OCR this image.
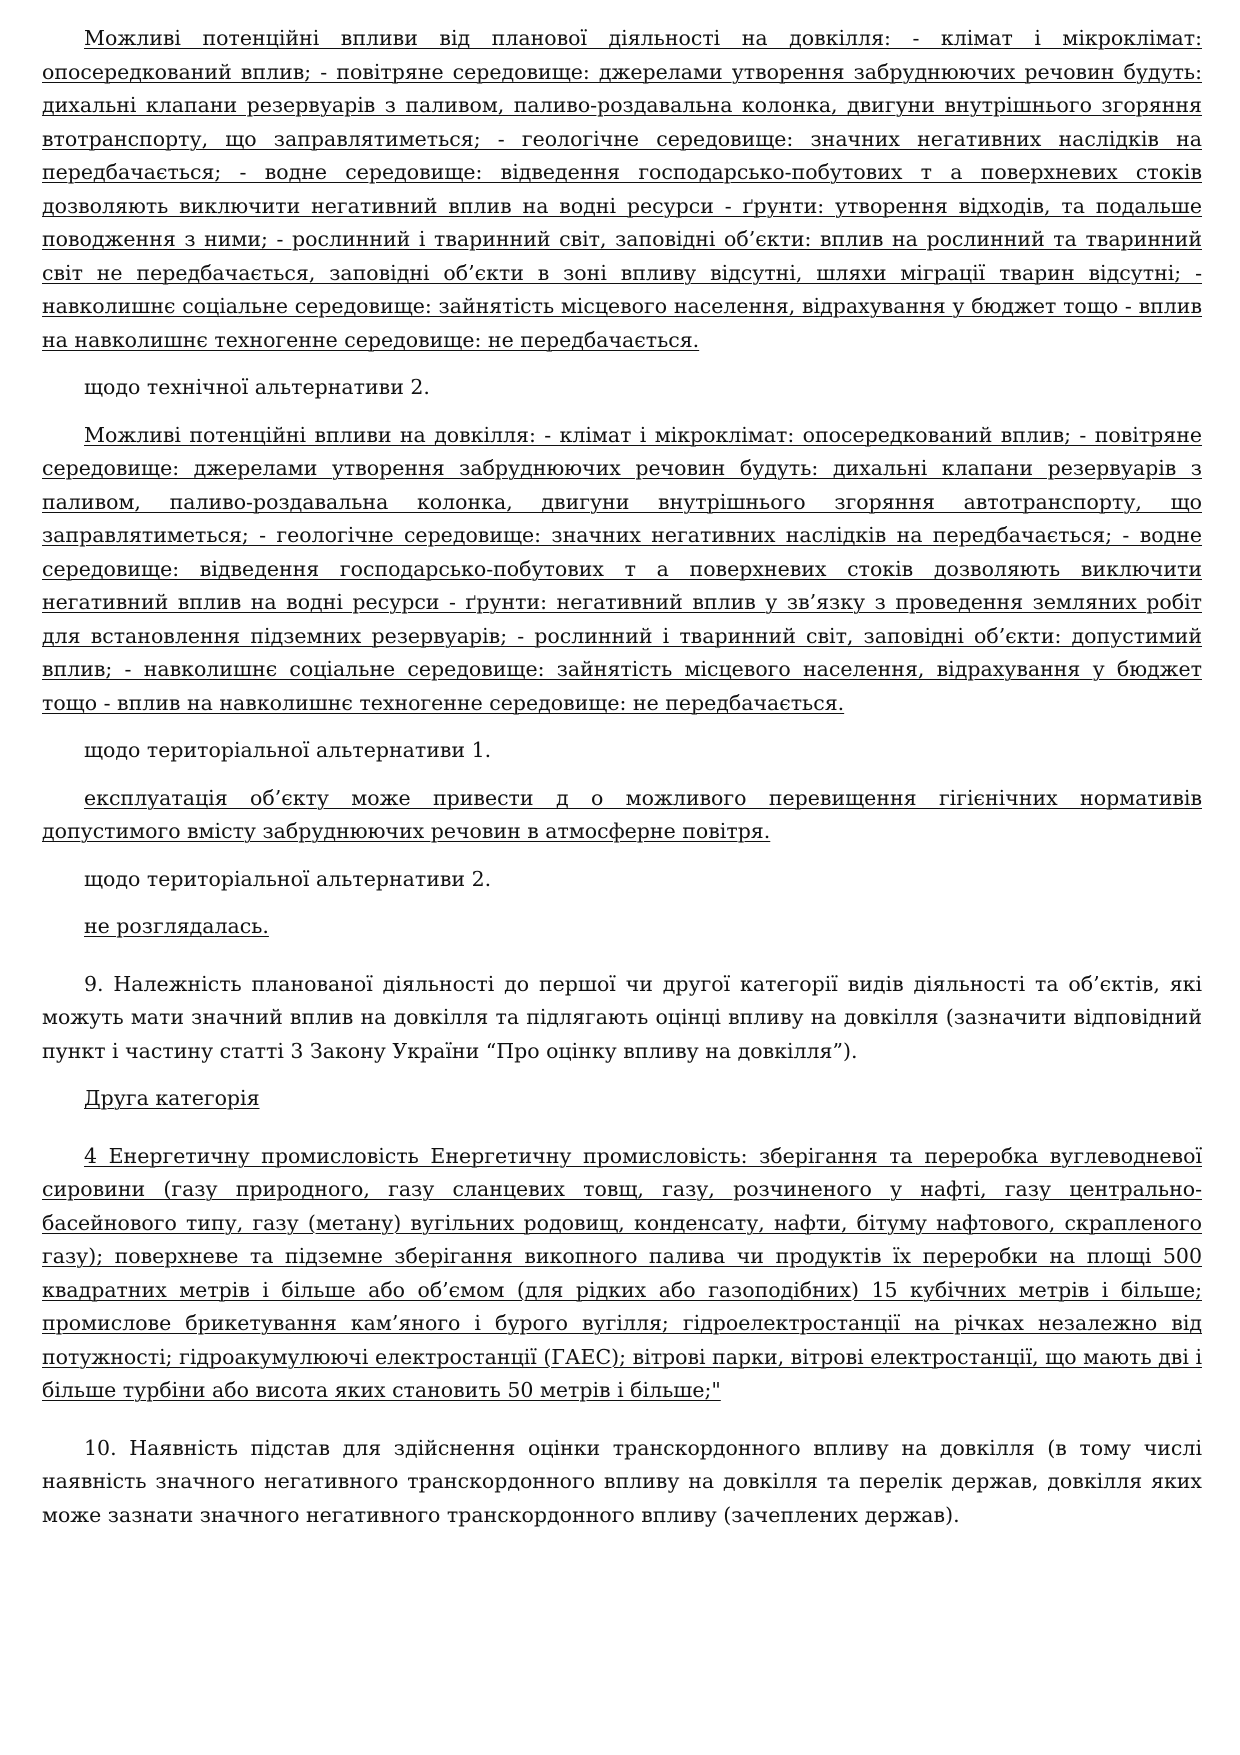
Можливі потенційні впливи від планової діяльності на довкілля: - клімат і мікроклімат: опосередкований вплив; - повітряне середовище: джерелами утворення забруднюючих речовин будуть: дихальні клапани резервуарів з паливом, паливо-роздавальна колонка, двигуни внутрішнього згоряння втотранспорту, що заправлятиметься; - геологічне середовище: значних негативних наслідків на передбачається; - водне середовище: відведення господарсько-побутових т а поверхневих стоків дозволяють виключити негативний вплив на водні ресурси - ґрунти: утворення відходів, та подальше поводження з ними; - рослинний і тваринний світ, заповідні об’єкти: вплив на рослинний та тваринний світ не передбачається, заповідні об’єкти в зоні впливу відсутні, шляхи міграції тварин відсутні; - навколишнє соціальне середовище: зайнятість місцевого населення, відрахування у бюджет тощо - вплив на навколишнє техногенне середовище: не передбачається.

щодо технічної альтернативи 2.

Можливі потенційні впливи на довкілля: - клімат і мікроклімат: опосередкований вплив; - повітряне середовище: джерелами утворення забруднюючих речовин будуть: дихальні клапани резервуарів з паливом, паливо-роздавальна колонка, двигуни внутрішнього згоряння автотранспорту, що заправлятиметься; - геологічне середовище: значних негативних наслідків на передбачається; - водне середовище: відведення господарсько-побутових т а поверхневих стоків дозволяють виключити негативний вплив на водні ресурси - ґрунти: негативний вплив у зв’язку з проведення земляних робіт для встановлення підземних резервуарів; - рослинний і тваринний світ, заповідні об’єкти: допустимий вплив; - навколишнє соціальне середовище: зайнятість місцевого населення, відрахування у бюджет тощо - вплив на навколишнє техногенне середовище: не передбачається.

щодо територіальної альтернативи 1.

експлуатація об’єкту може привести д о можливого перевищення гігієнічних нормативів допустимого вмісту забруднюючих речовин в атмосферне повітря.

щодо територіальної альтернативи 2.

не розглядалась.

9. Належність планованої діяльності до першої чи другої категорії видів діяльності та об’єктів, які можуть мати значний вплив на довкілля та підлягають оцінці впливу на довкілля (зазначити відповідний пункт і частину статті 3 Закону України “Про оцінку впливу на довкілля”).

Друга категорія

4 Енергетичну промисловість Енергетичну промисловість: зберігання та переробка вуглеводневої сировини (газу природного, газу сланцевих товщ, газу, розчиненого у нафті, газу центрально-басейнового типу, газу (метану) вугільних родовищ, конденсату, нафти, бітуму нафтового, скрапленого газу); поверхневе та підземне зберігання викопного палива чи продуктів їх переробки на площі 500 квадратних метрів і більше або об’ємом (для рідких або газоподібних) 15 кубічних метрів і більше; промислове брикетування кам’яного і бурого вугілля; гідроелектростанції на річках незалежно від потужності; гідроакумулюючі електростанції (ГАЕС); вітрові парки, вітрові електростанції, що мають дві і більше турбіни або висота яких становить 50 метрів і більше;"

10. Наявність підстав для здійснення оцінки транскордонного впливу на довкілля (в тому числі наявність значного негативного транскордонного впливу на довкілля та перелік держав, довкілля яких може зазнати значного негативного транскордонного впливу (зачеплених держав).
